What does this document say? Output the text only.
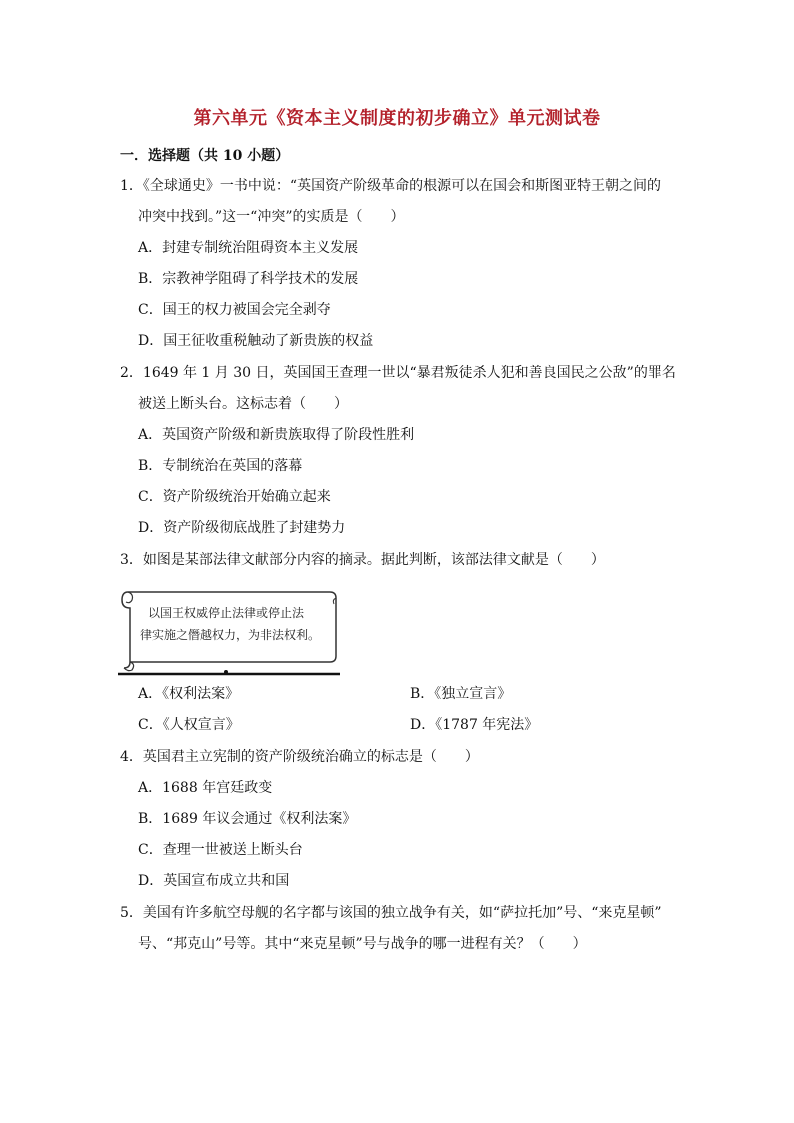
第六单元《资本主义制度的初步确立》单元测试卷
一．选择题（共 10 小题）
1．《全球通史》一书中说：“英国资产阶级革命的根源可以在国会和斯图亚特王朝之间的
冲突中找到。”这一“冲突”的实质是（　　）
A．封建专制统治阻碍资本主义发展
B．宗教神学阻碍了科学技术的发展
C．国王的权力被国会完全剥夺
D．国王征收重税触动了新贵族的权益
2．1649 年 1 月 30 日，英国国王查理一世以“暴君叛徒杀人犯和善良国民之公敌”的罪名
被送上断头台。这标志着（　　）
A．英国资产阶级和新贵族取得了阶段性胜利
B．专制统治在英国的落幕
C．资产阶级统治开始确立起来
D．资产阶级彻底战胜了封建势力
3．如图是某部法律文献部分内容的摘录。据此判断，该部法律文献是（　　）
以国王权威停止法律或停止法
律实施之僭越权力，为非法权利。
A．《权利法案》	B．《独立宣言》
C．《人权宣言》	D．《1787 年宪法》
4．英国君主立宪制的资产阶级统治确立的标志是（　　）
A．1688 年宫廷政变
B．1689 年议会通过《权利法案》
C．查理一世被送上断头台
D．英国宣布成立共和国
5．美国有许多航空母舰的名字都与该国的独立战争有关，如“萨拉托加”号、“来克星顿”
号、“邦克山”号等。其中“来克星顿”号与战争的哪一进程有关？（　　）
